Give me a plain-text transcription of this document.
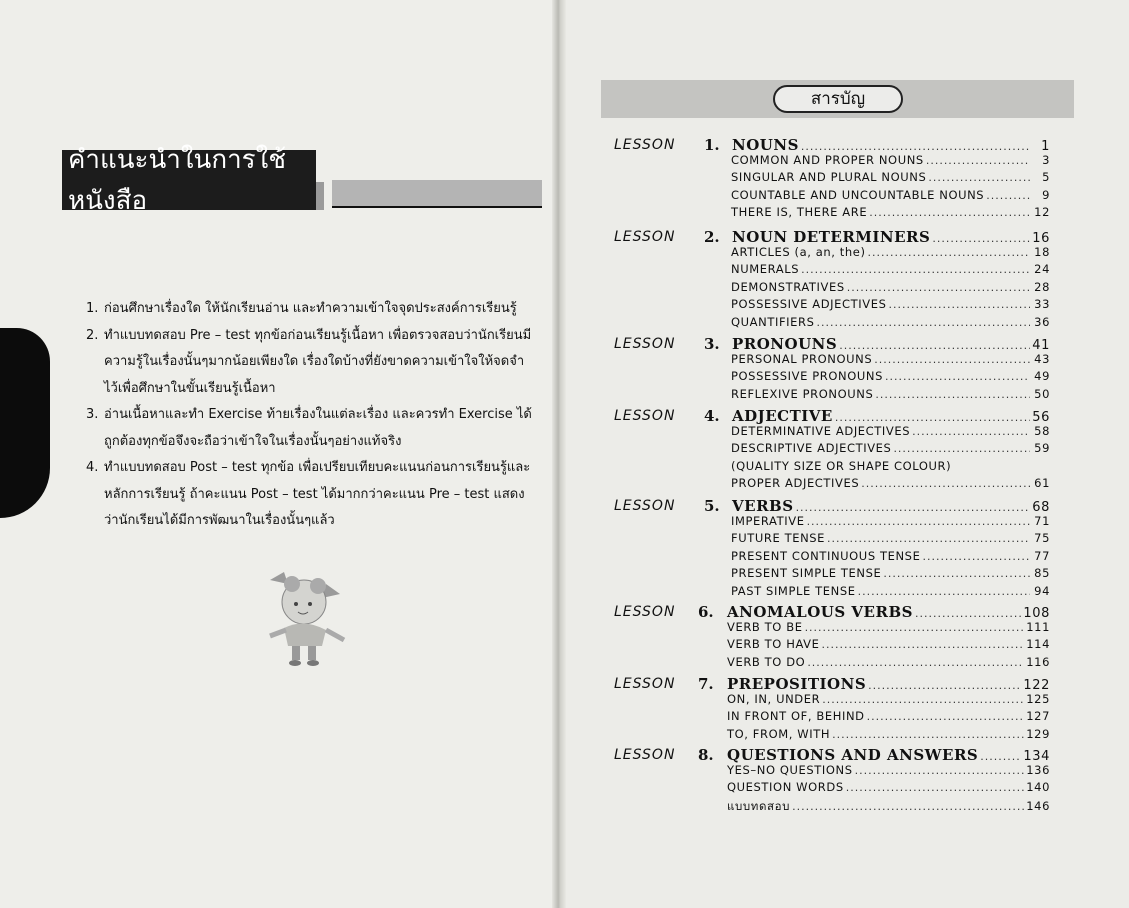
คำแนะนำในการใช้หนังสือ
1. ก่อนศึกษาเรื่องใด ให้นักเรียนอ่าน และทำความเข้าใจจุดประสงค์การเรียนรู้
2. ทำแบบทดสอบ Pre – test ทุกข้อก่อนเรียนรู้เนื้อหา เพื่อตรวจสอบว่านักเรียนมีความรู้ในเรื่องนั้นๆมากน้อยเพียงใด เรื่องใดบ้างที่ยังขาดความเข้าใจให้จดจำไว้เพื่อศึกษาในขั้นเรียนรู้เนื้อหา
3. อ่านเนื้อหาและทำ Exercise ท้ายเรื่องในแต่ละเรื่อง และควรทำ Exercise ได้ถูกต้องทุกข้อจึงจะถือว่าเข้าใจในเรื่องนั้นๆอย่างแท้จริง
4. ทำแบบทดสอบ Post – test ทุกข้อ เพื่อเปรียบเทียบคะแนนก่อนการเรียนรู้และหลักการเรียนรู้ ถ้าคะแนน Post – test ได้มากกว่าคะแนน Pre – test แสดงว่านักเรียนได้มีการพัฒนาในเรื่องนั้นๆแล้ว
สารบัญ
LESSON 1. NOUNS .....	1
COMMON AND PROPER NOUNS .....	3
SINGULAR AND PLURAL NOUNS .....	5
COUNTABLE AND UNCOUNTABLE NOUNS .....	9
THERE IS, THERE ARE .....	12
LESSON 2. NOUN DETERMINERS .....	16
ARTICLES (a, an, the) .....	18
NUMERALS .....	24
DEMONSTRATIVES .....	28
POSSESSIVE ADJECTIVES .....	33
QUANTIFIERS .....	36
LESSON 3. PRONOUNS .....	41
PERSONAL PRONOUNS .....	43
POSSESSIVE PRONOUNS .....	49
REFLEXIVE PRONOUNS .....	50
LESSON 4. ADJECTIVE .....	56
DETERMINATIVE ADJECTIVES .....	58
DESCRIPTIVE ADJECTIVES .....	59
(QUALITY SIZE OR SHAPE COLOUR)
PROPER ADJECTIVES .....	61
LESSON 5. VERBS .....	68
IMPERATIVE .....	71
FUTURE TENSE .....	75
PRESENT CONTINUOUS TENSE .....	77
PRESENT SIMPLE TENSE .....	85
PAST SIMPLE TENSE .....	94
LESSON 6. ANOMALOUS VERBS .....	108
VERB TO BE .....	111
VERB TO HAVE .....	114
VERB TO DO .....	116
LESSON 7. PREPOSITIONS .....	122
ON, IN, UNDER .....	125
IN FRONT OF, BEHIND .....	127
TO, FROM, WITH .....	129
LESSON 8. QUESTIONS AND ANSWERS .....	134
YES–NO QUESTIONS .....	136
QUESTION WORDS .....	140
แบบทดสอบ .....	146
